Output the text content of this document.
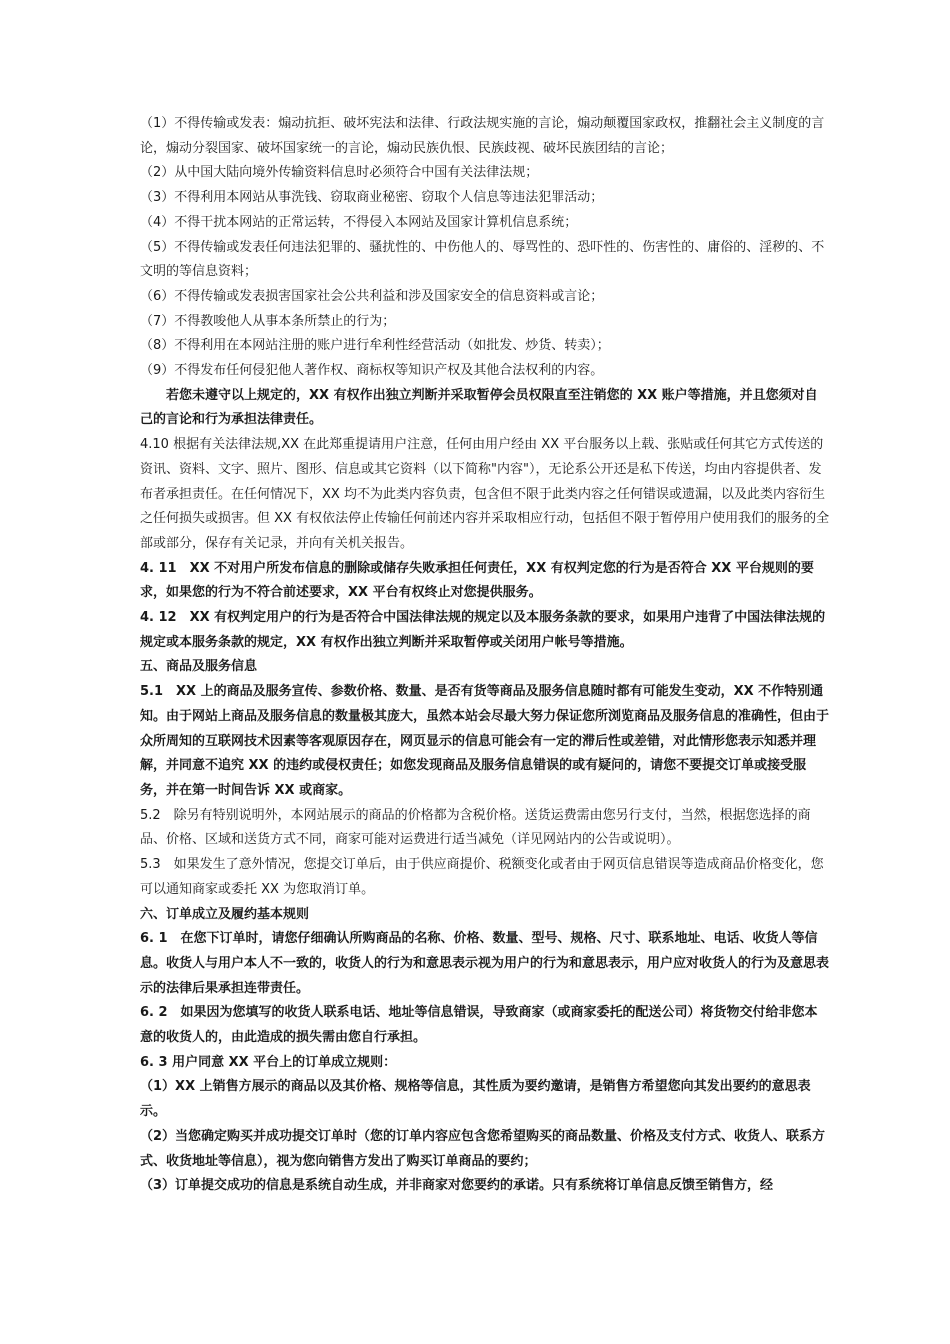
（1）不得传输或发表：煽动抗拒、破坏宪法和法律、行政法规实施的言论，煽动颠覆国家政权，推翻社会主义制度的言论，煽动分裂国家、破坏国家统一的言论，煽动民族仇恨、民族歧视、破坏民族团结的言论；

（2）从中国大陆向境外传输资料信息时必须符合中国有关法律法规；

（3）不得利用本网站从事洗钱、窃取商业秘密、窃取个人信息等违法犯罪活动；

（4）不得干扰本网站的正常运转，不得侵入本网站及国家计算机信息系统；

（5）不得传输或发表任何违法犯罪的、骚扰性的、中伤他人的、辱骂性的、恐吓性的、伤害性的、庸俗的、淫秽的、不文明的等信息资料；

（6）不得传输或发表损害国家社会公共利益和涉及国家安全的信息资料或言论；

（7）不得教唆他人从事本条所禁止的行为；

（8）不得利用在本网站注册的账户进行牟利性经营活动（如批发、炒货、转卖）；

（9）不得发布任何侵犯他人著作权、商标权等知识产权及其他合法权利的内容。

若您未遵守以上规定的，XX 有权作出独立判断并采取暂停会员权限直至注销您的 XX 账户等措施，并且您须对自己的言论和行为承担法律责任。

4.10 根据有关法律法规,XX 在此郑重提请用户注意，任何由用户经由 XX 平台服务以上载、张贴或任何其它方式传送的资讯、资料、文字、照片、图形、信息或其它资料（以下简称"内容"），无论系公开还是私下传送，均由内容提供者、发布者承担责任。在任何情况下，XX 均不为此类内容负责，包含但不限于此类内容之任何错误或遗漏，以及此类内容衍生之任何损失或损害。但 XX 有权依法停止传输任何前述内容并采取相应行动，包括但不限于暂停用户使用我们的服务的全部或部分，保存有关记录，并向有关机关报告。

4. 11　XX 不对用户所发布信息的删除或储存失败承担任何责任，XX 有权判定您的行为是否符合 XX 平台规则的要求，如果您的行为不符合前述要求，XX 平台有权终止对您提供服务。

4. 12　XX 有权判定用户的行为是否符合中国法律法规的规定以及本服务条款的要求，如果用户违背了中国法律法规的规定或本服务条款的规定，XX 有权作出独立判断并采取暂停或关闭用户帐号等措施。

五、商品及服务信息

5.1　XX 上的商品及服务宣传、参数价格、数量、是否有货等商品及服务信息随时都有可能发生变动，XX 不作特别通知。由于网站上商品及服务信息的数量极其庞大，虽然本站会尽最大努力保证您所浏览商品及服务信息的准确性，但由于众所周知的互联网技术因素等客观原因存在，网页显示的信息可能会有一定的滞后性或差错，对此情形您表示知悉并理解，并同意不追究 XX 的违约或侵权责任；如您发现商品及服务信息错误的或有疑问的，请您不要提交订单或接受服务，并在第一时间告诉 XX 或商家。

5.2　除另有特别说明外，本网站展示的商品的价格都为含税价格。送货运费需由您另行支付，当然，根据您选择的商品、价格、区域和送货方式不同，商家可能对运费进行适当减免（详见网站内的公告或说明）。

5.3　如果发生了意外情况，您提交订单后，由于供应商提价、税额变化或者由于网页信息错误等造成商品价格变化，您可以通知商家或委托 XX 为您取消订单。

六、订单成立及履约基本规则

6. 1　在您下订单时，请您仔细确认所购商品的名称、价格、数量、型号、规格、尺寸、联系地址、电话、收货人等信息。收货人与用户本人不一致的，收货人的行为和意思表示视为用户的行为和意思表示，用户应对收货人的行为及意思表示的法律后果承担连带责任。

6. 2　如果因为您填写的收货人联系电话、地址等信息错误，导致商家（或商家委托的配送公司）将货物交付给非您本意的收货人的，由此造成的损失需由您自行承担。

6. 3 用户同意 XX 平台上的订单成立规则：

（1）XX 上销售方展示的商品以及其价格、规格等信息，其性质为要约邀请，是销售方希望您向其发出要约的意思表示。

（2）当您确定购买并成功提交订单时（您的订单内容应包含您希望购买的商品数量、价格及支付方式、收货人、联系方式、收货地址等信息），视为您向销售方发出了购买订单商品的要约；

（3）订单提交成功的信息是系统自动生成，并非商家对您要约的承诺。只有系统将订单信息反馈至销售方，经
